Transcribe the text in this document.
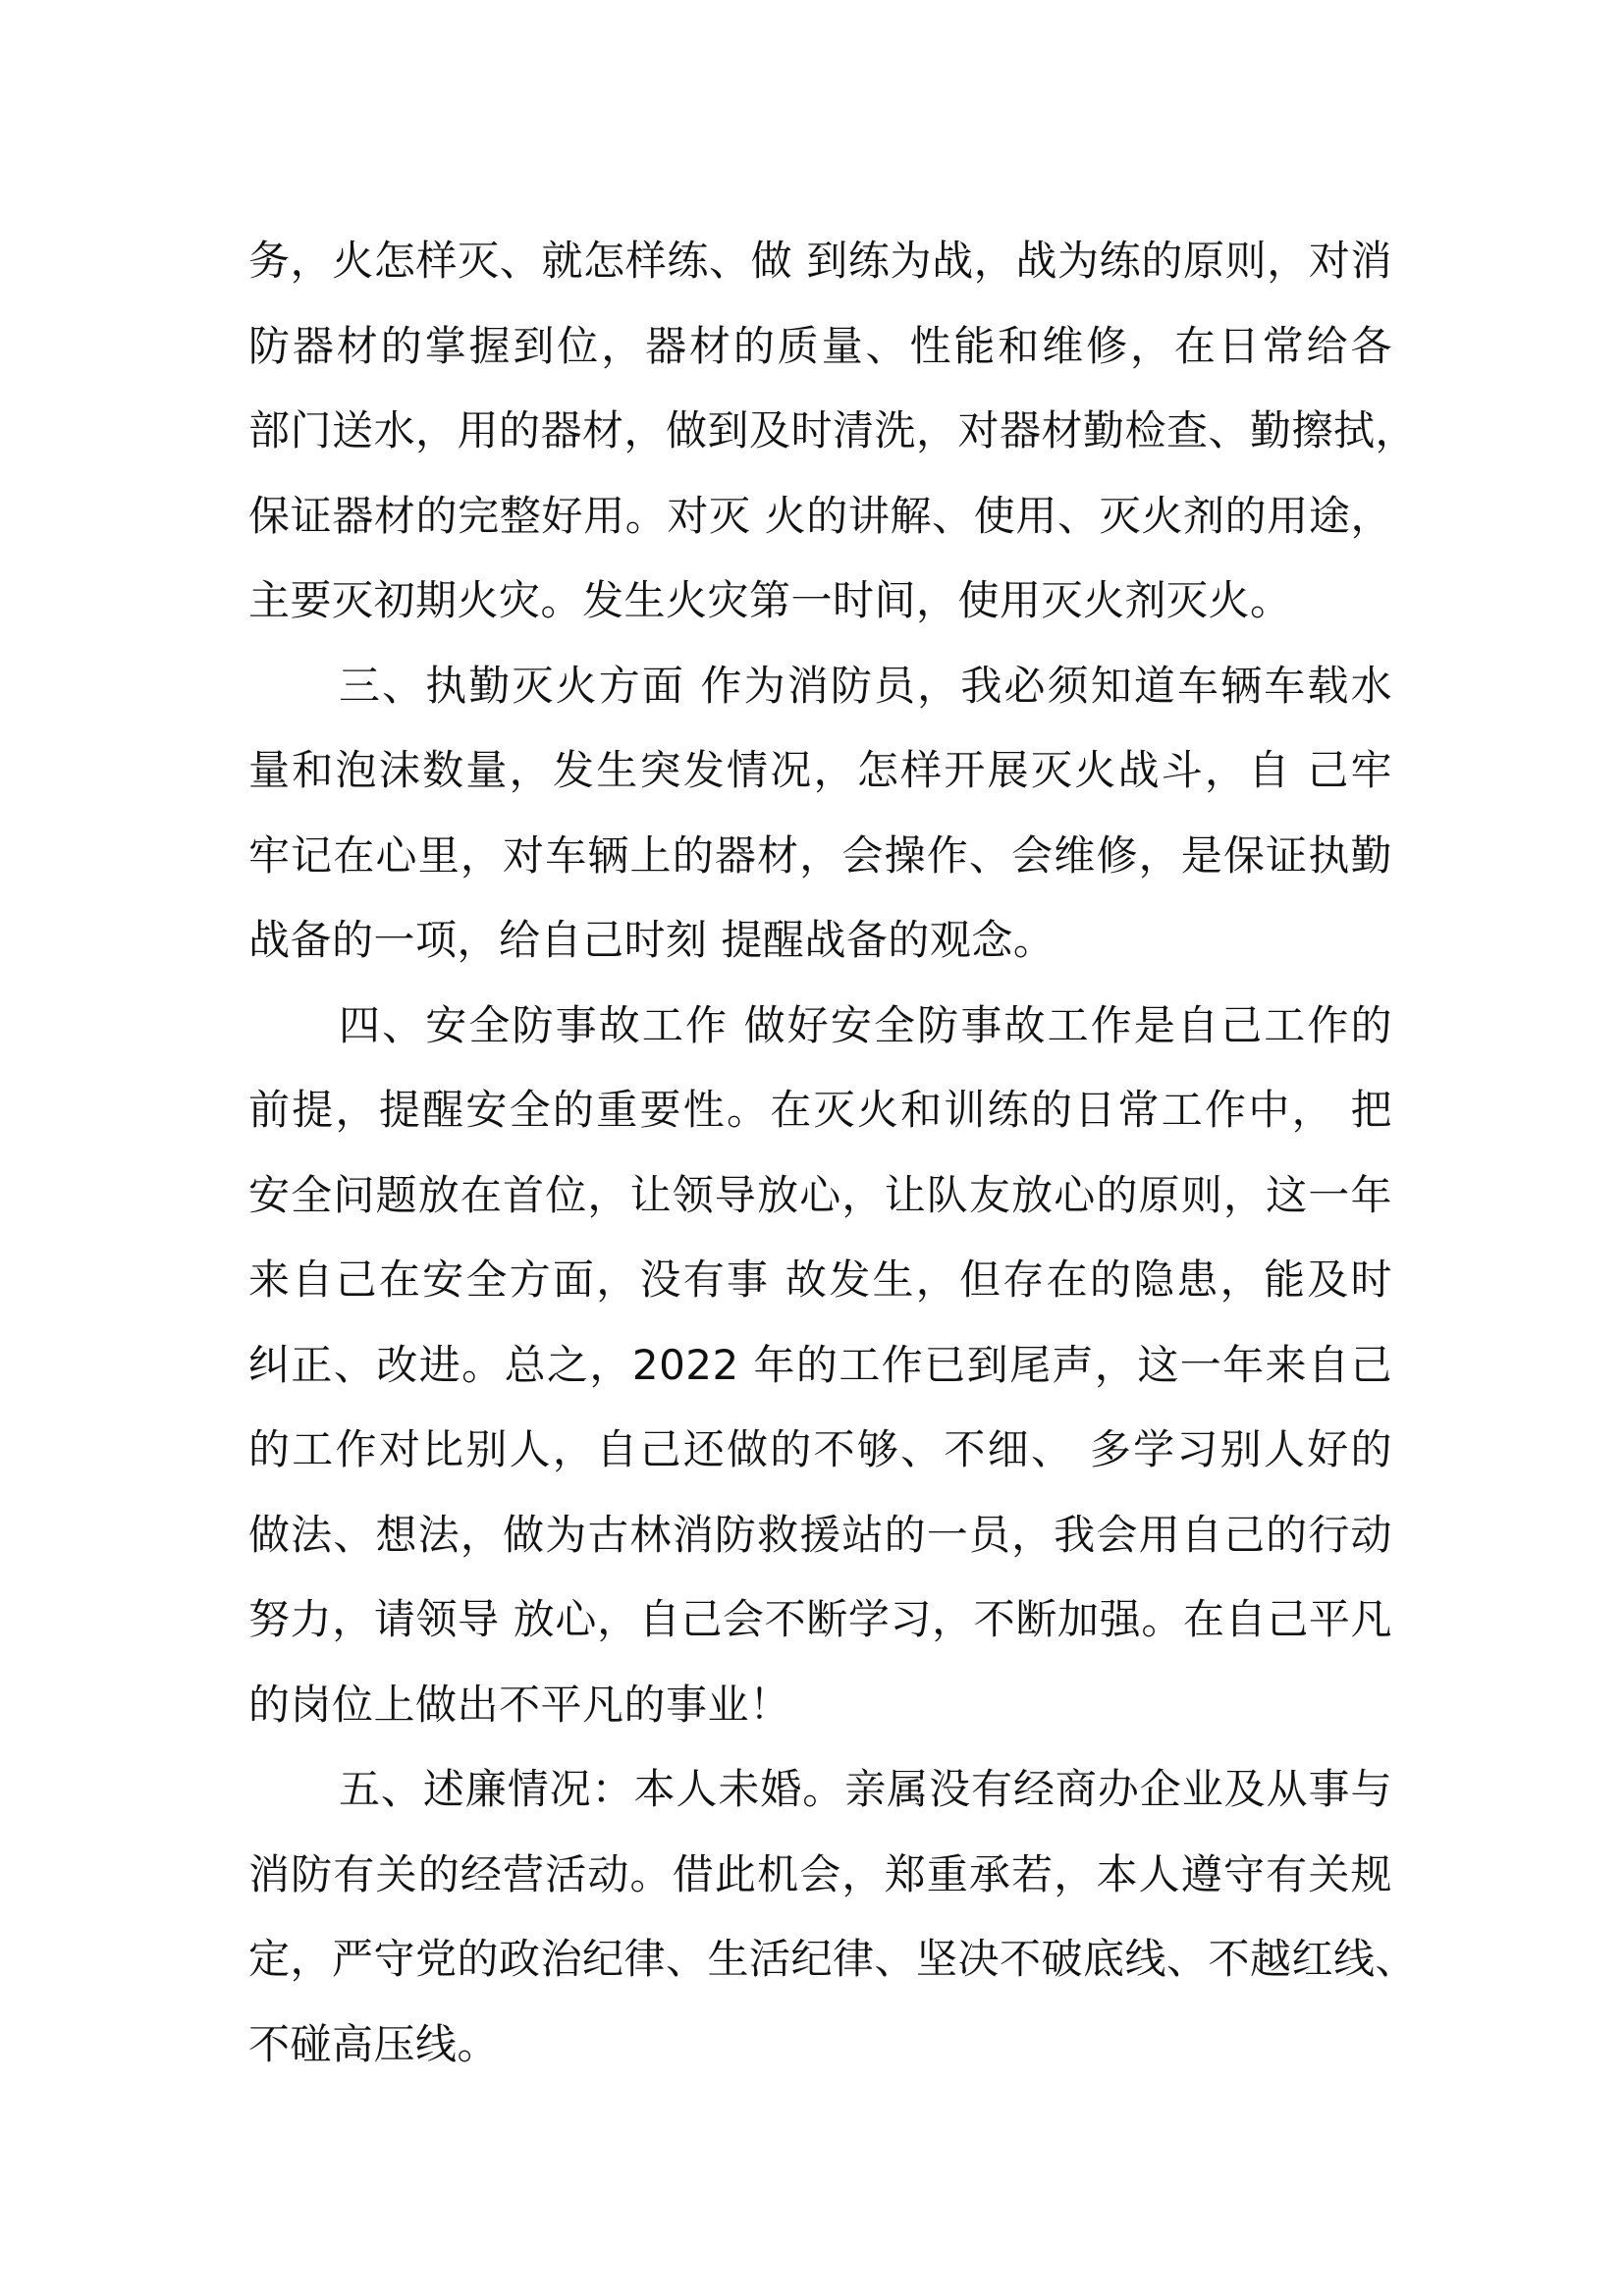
务，火怎样灭、就怎样练、做 到练为战，战为练的原则，对消
防器材的掌握到位，器材的质量、性能和维修，在日常给各
部门送水，用的器材，做到及时清洗，对器材勤检查、勤擦拭，
保证器材的完整好用。对灭 火的讲解、使用、灭火剂的用途，
主要灭初期火灾。发生火灾第一时间，使用灭火剂灭火。
三、执勤灭火方面 作为消防员，我必须知道车辆车载水
量和泡沫数量，发生突发情况，怎样开展灭火战斗，自 己牢
牢记在心里，对车辆上的器材，会操作、会维修，是保证执勤
战备的一项，给自己时刻 提醒战备的观念。
四、安全防事故工作 做好安全防事故工作是自己工作的
前提，提醒安全的重要性。在灭火和训练的日常工作中， 把
安全问题放在首位，让领导放心，让队友放心的原则，这一年
来自己在安全方面，没有事 故发生，但存在的隐患，能及时
纠正、改进。总之，2022 年的工作已到尾声，这一年来自己
的工作对比别人，自己还做的不够、不细、 多学习别人好的
做法、想法，做为古林消防救援站的一员，我会用自己的行动
努力，请领导 放心，自己会不断学习，不断加强。在自己平凡
的岗位上做出不平凡的事业！
五、述廉情况：本人未婚。亲属没有经商办企业及从事与
消防有关的经营活动。借此机会，郑重承若，本人遵守有关规
定，严守党的政治纪律、生活纪律、坚决不破底线、不越红线、
不碰高压线。
